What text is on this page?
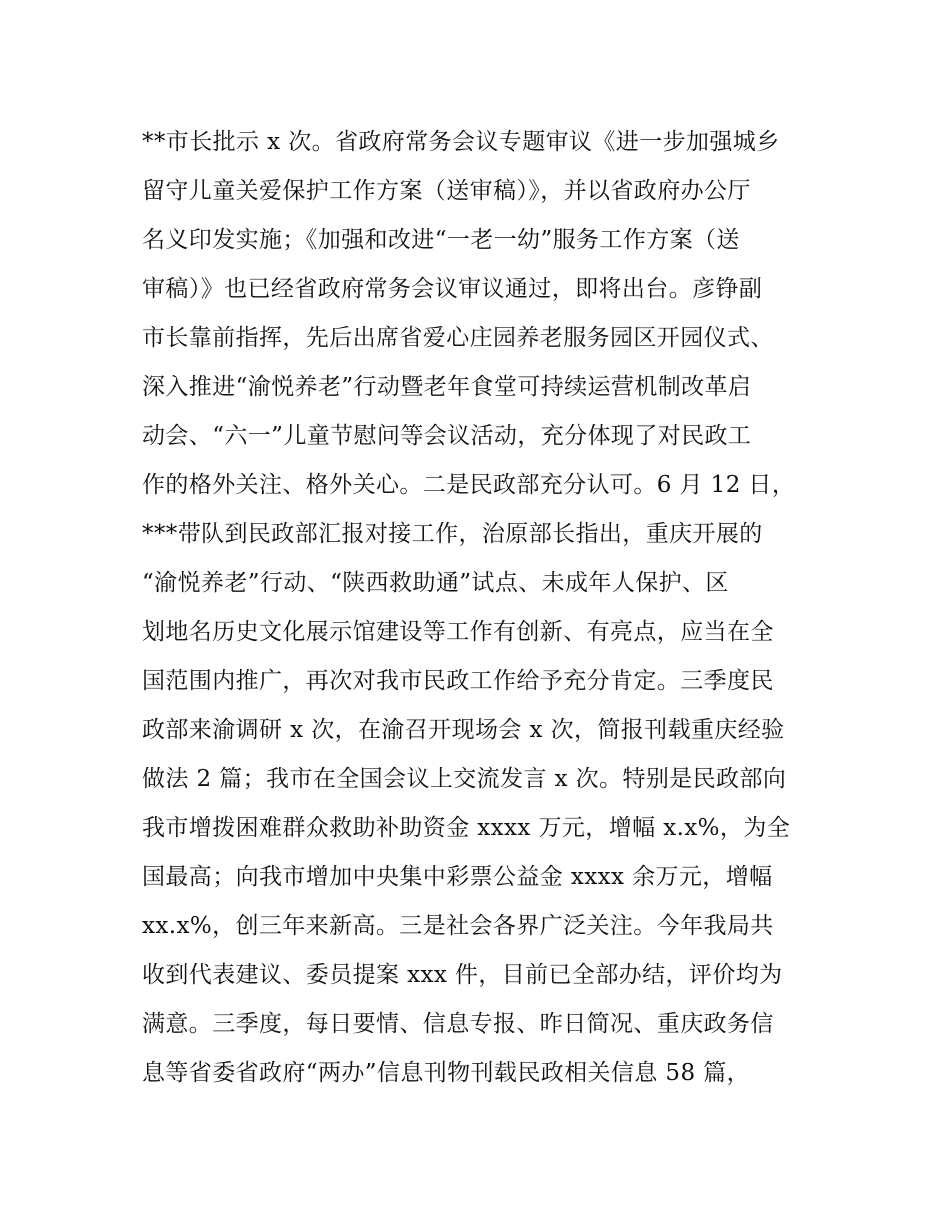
**市长批示 x 次。省政府常务会议专题审议《进一步加强城乡
留守儿童关爱保护工作方案（送审稿）》，并以省政府办公厅
名义印发实施；《加强和改进“一老一幼”服务工作方案（送
审稿）》也已经省政府常务会议审议通过，即将出台。彦铮副
市长靠前指挥，先后出席省爱心庄园养老服务园区开园仪式、
深入推进“渝悦养老”行动暨老年食堂可持续运营机制改革启
动会、“六一”儿童节慰问等会议活动，充分体现了对民政工
作的格外关注、格外关心。二是民政部充分认可。6 月 12 日，
***带队到民政部汇报对接工作，治原部长指出，重庆开展的
“渝悦养老”行动、“陕西救助通”试点、未成年人保护、区
划地名历史文化展示馆建设等工作有创新、有亮点，应当在全
国范围内推广，再次对我市民政工作给予充分肯定。三季度民
政部来渝调研 x 次，在渝召开现场会 x 次，简报刊载重庆经验
做法 2 篇；我市在全国会议上交流发言 x 次。特别是民政部向
我市增拨困难群众救助补助资金 xxxx 万元，增幅 x.x%，为全
国最高；向我市增加中央集中彩票公益金 xxxx 余万元，增幅
xx.x%，创三年来新高。三是社会各界广泛关注。今年我局共
收到代表建议、委员提案 xxx 件，目前已全部办结，评价均为
满意。三季度，每日要情、信息专报、昨日简况、重庆政务信
息等省委省政府“两办”信息刊物刊载民政相关信息 58 篇，
